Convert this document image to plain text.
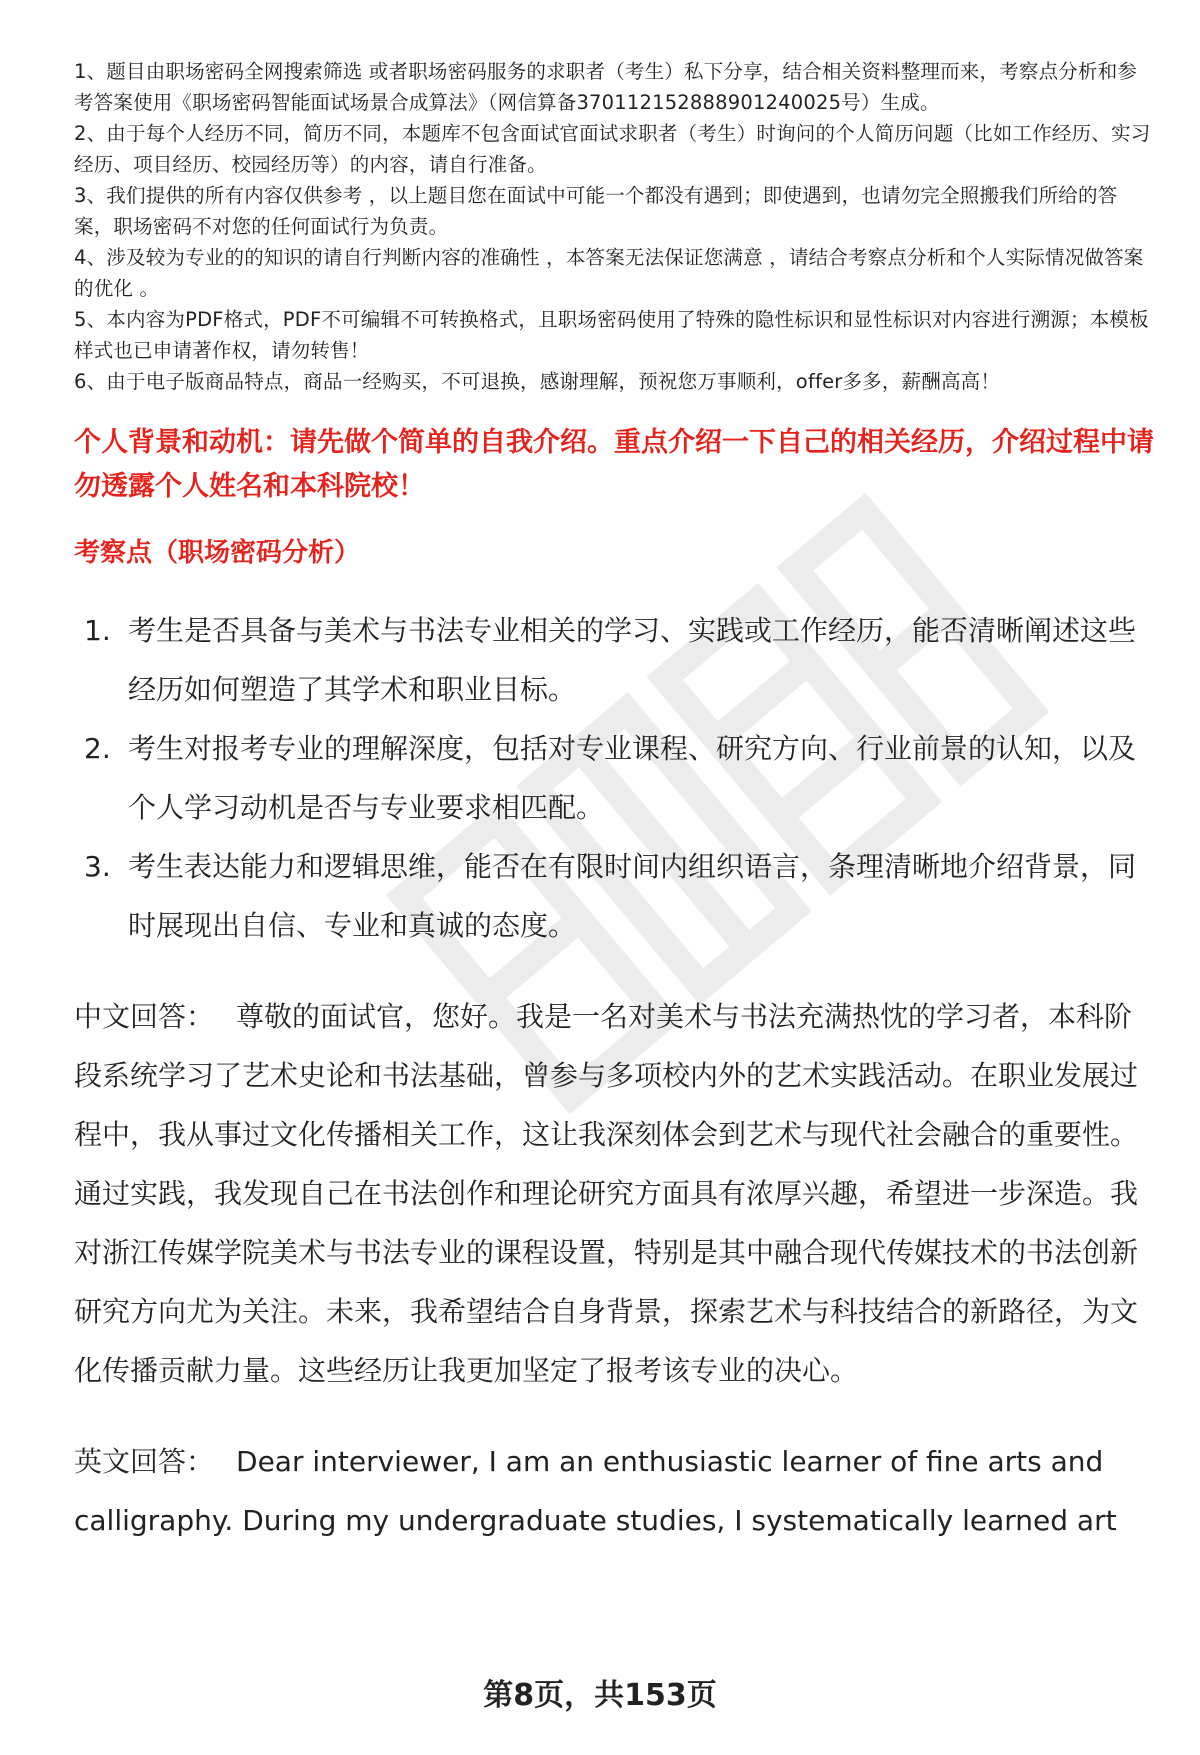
1、题目由职场密码全网搜索筛选 或者职场密码服务的求职者（考生）私下分享，结合相关资料整理而来，考察点分析和参考答案使用《职场密码智能面试场景合成算法》（网信算备370112152888901240025号）生成。

2、由于每个人经历不同，简历不同，本题库不包含面试官面试求职者（考生）时询问的个人简历问题（比如工作经历、实习经历、项目经历、校园经历等）的内容，请自行准备。

3、我们提供的所有内容仅供参考 ，以上题目您在面试中可能一个都没有遇到；即使遇到，也请勿完全照搬我们所给的答案，职场密码不对您的任何面试行为负责。

4、涉及较为专业的的知识的请自行判断内容的准确性 ，本答案无法保证您满意 ，请结合考察点分析和个人实际情况做答案的优化 。

5、本内容为PDF格式，PDF不可编辑不可转换格式，且职场密码使用了特殊的隐性标识和显性标识对内容进行溯源；本模板样式也已申请著作权，请勿转售！

6、由于电子版商品特点，商品一经购买，不可退换，感谢理解，预祝您万事顺利，offer多多，薪酬高高！

个人背景和动机：请先做个简单的自我介绍。重点介绍一下自己的相关经历，介绍过程中请勿透露个人姓名和本科院校！
考察点（职场密码分析）
1. 考生是否具备与美术与书法专业相关的学习、实践或工作经历，能否清晰阐述这些经历如何塑造了其学术和职业目标。
2. 考生对报考专业的理解深度，包括对专业课程、研究方向、行业前景的认知，以及个人学习动机是否与专业要求相匹配。
3. 考生表达能力和逻辑思维，能否在有限时间内组织语言，条理清晰地介绍背景，同时展现出自信、专业和真诚的态度。
中文回答： 尊敬的面试官，您好。我是一名对美术与书法充满热忱的学习者，本科阶段系统学习了艺术史论和书法基础，曾参与多项校内外的艺术实践活动。在职业发展过程中，我从事过文化传播相关工作，这让我深刻体会到艺术与现代社会融合的重要性。通过实践，我发现自己在书法创作和理论研究方面具有浓厚兴趣，希望进一步深造。我对浙江传媒学院美术与书法专业的课程设置，特别是其中融合现代传媒技术的书法创新研究方向尤为关注。未来，我希望结合自身背景，探索艺术与科技结合的新路径，为文化传播贡献力量。这些经历让我更加坚定了报考该专业的决心。
英文回答： Dear interviewer, I am an enthusiastic learner of fine arts and calligraphy. During my undergraduate studies, I systematically learned art
第8页，共153页
